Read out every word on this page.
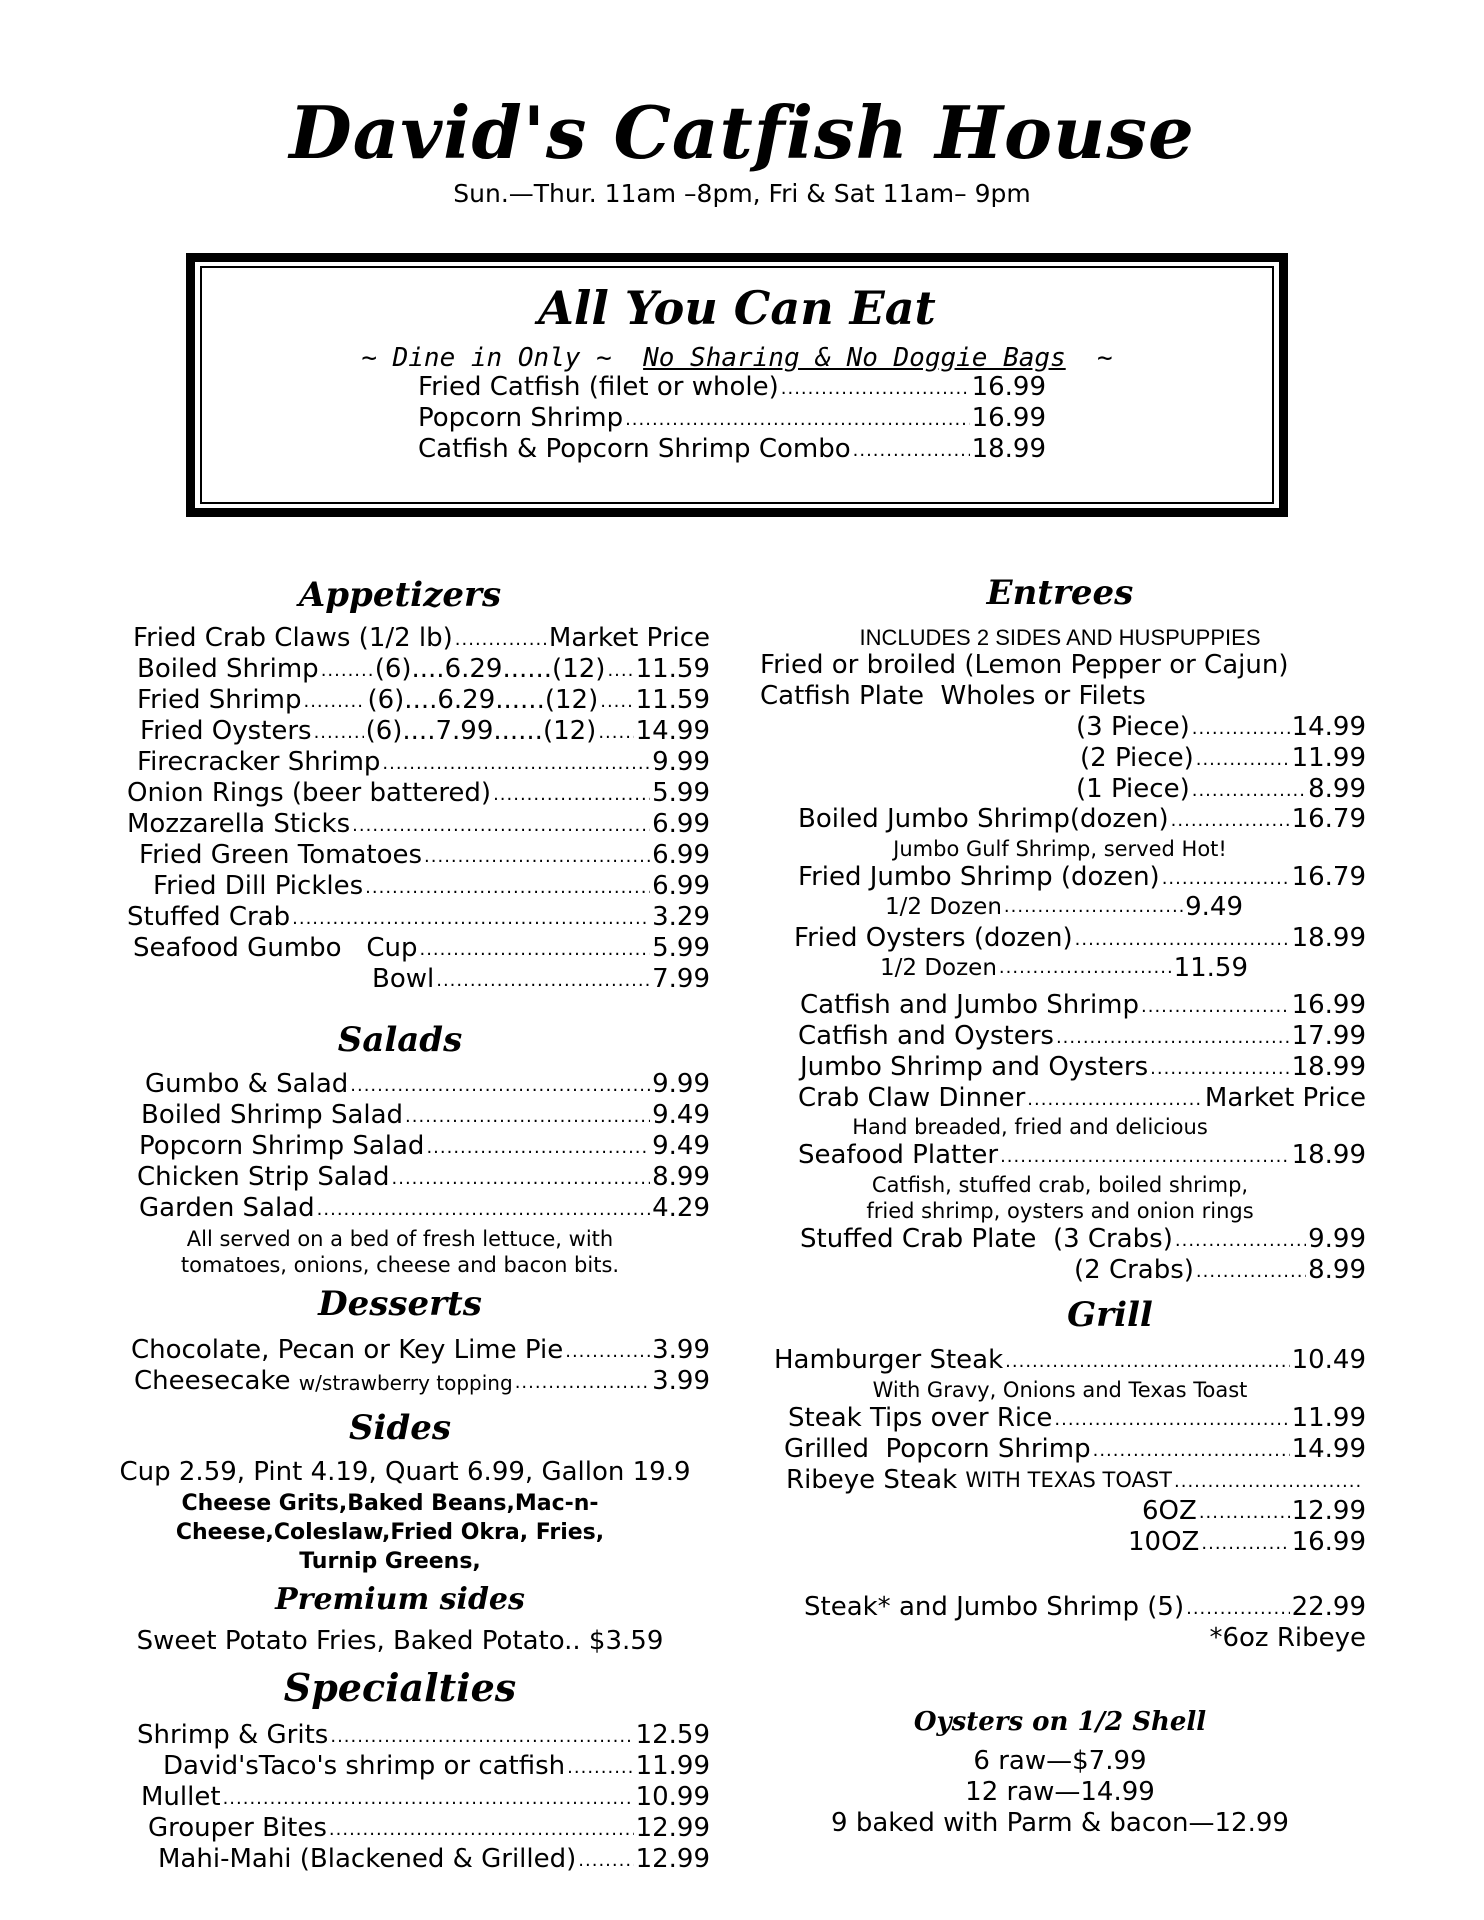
David's Catfish House
Sun.—Thur. 11am –8pm, Fri & Sat 11am– 9pm
All You Can Eat
~ Dine in Only ~ No Sharing & No Doggie Bags ~
Fried Catfish (filet or whole) .....	16.99
Popcorn Shrimp .....	16.99
Catfish & Popcorn Shrimp Combo .....	18.99
Appetizers
Fried Crab Claws (1/2 lb) .....	Market Price
Boiled Shrimp ..... (6)....6.29......(12) ..... 11.59
Fried Shrimp .....	(6)....6.29......(12) ..... 11.59
Fried Oysters ..... (6)....7.99......(12) ..... 14.99
Firecracker Shrimp .....	9.99
Onion Rings (beer battered) .....	5.99
Mozzarella Sticks .....	6.99
Fried Green Tomatoes .....	6.99
Fried Dill Pickles .....	6.99
Stuffed Crab .....	3.29
Seafood Gumbo   Cup .....	5.99
Bowl .....	7.99
Salads
Gumbo & Salad .....	9.99
Boiled Shrimp Salad .....	9.49
Popcorn Shrimp Salad .....	9.49
Chicken Strip Salad .....	8.99
Garden Salad .....	4.29
All served on a bed of fresh lettuce, with
tomatoes, onions, cheese and bacon bits.
Desserts
Chocolate, Pecan or Key Lime Pie .....	3.99
Cheesecake
w/strawberry topping .....	3.99
Sides
Cup 2.59, Pint 4.19, Quart 6.99, Gallon 19.9
Cheese Grits,Baked Beans,Mac-n-
Cheese,Coleslaw,Fried Okra, Fries,
Turnip Greens,
Premium sides
Sweet Potato Fries, Baked Potato.. $3.59
Specialties
Shrimp & Grits .....	12.59
David'sTaco's shrimp or catfish .....	11.99
Mullet .....	10.99
Grouper Bites .....	12.99
Mahi-Mahi (Blackened & Grilled) ..... 12.99
Entrees
INCLUDES 2 SIDES AND HUSPUPPIES
Fried or broiled (Lemon Pepper or Cajun)
Catfish Plate  Wholes or Filets
(3 Piece) .....	14.99
(2 Piece) .....	11.99
(1 Piece) .....	8.99
Boiled Jumbo Shrimp(dozen) .....	16.79
Jumbo Gulf Shrimp, served Hot!
Fried Jumbo Shrimp (dozen) .....	16.79
1/2 Dozen .....	9.49
Fried Oysters (dozen) .....	18.99
1/2 Dozen .....	11.59
Catfish and Jumbo Shrimp .....	16.99
Catfish and Oysters .....	17.99
Jumbo Shrimp and Oysters .....	18.99
Crab Claw Dinner .....	Market Price
Hand breaded, fried and delicious
Seafood Platter .....	18.99
Catfish, stuffed crab, boiled shrimp,
fried shrimp, oysters and onion rings
Stuffed Crab Plate  (3 Crabs) .....	9.99
(2 Crabs) .....	8.99
Grill
Hamburger Steak .....	10.49
With Gravy, Onions and Texas Toast
Steak Tips over Rice .....	11.99
Grilled  Popcorn Shrimp .....	14.99
Ribeye Steak
WITH TEXAS TOAST
.....
6OZ .....	12.99
10OZ .....	16.99
Steak* and Jumbo Shrimp (5) .....	22.99
*6oz Ribeye
Oysters on 1/2 Shell
6 raw—$7.99
12 raw—14.99
9 baked with Parm & bacon—12.99
